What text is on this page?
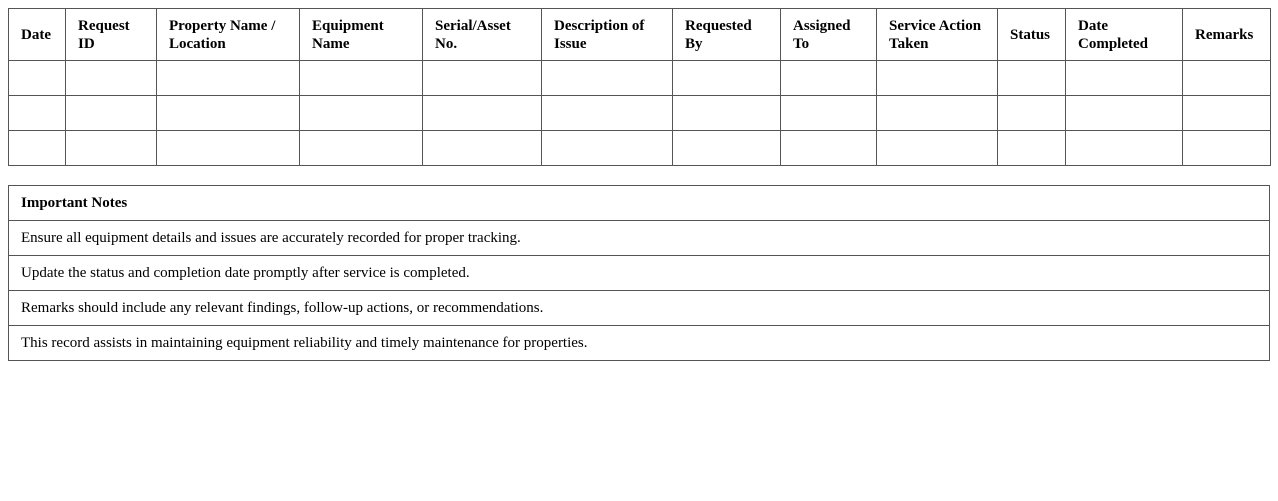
Date	Request ID	Property Name / Location	Equipment Name	Serial/Asset No.	Description of Issue	Requested By	Assigned To	Service Action Taken	Status	Date Completed	Remarks

Important Notes
Ensure all equipment details and issues are accurately recorded for proper tracking.
Update the status and completion date promptly after service is completed.
Remarks should include any relevant findings, follow-up actions, or recommendations.
This record assists in maintaining equipment reliability and timely maintenance for properties.
